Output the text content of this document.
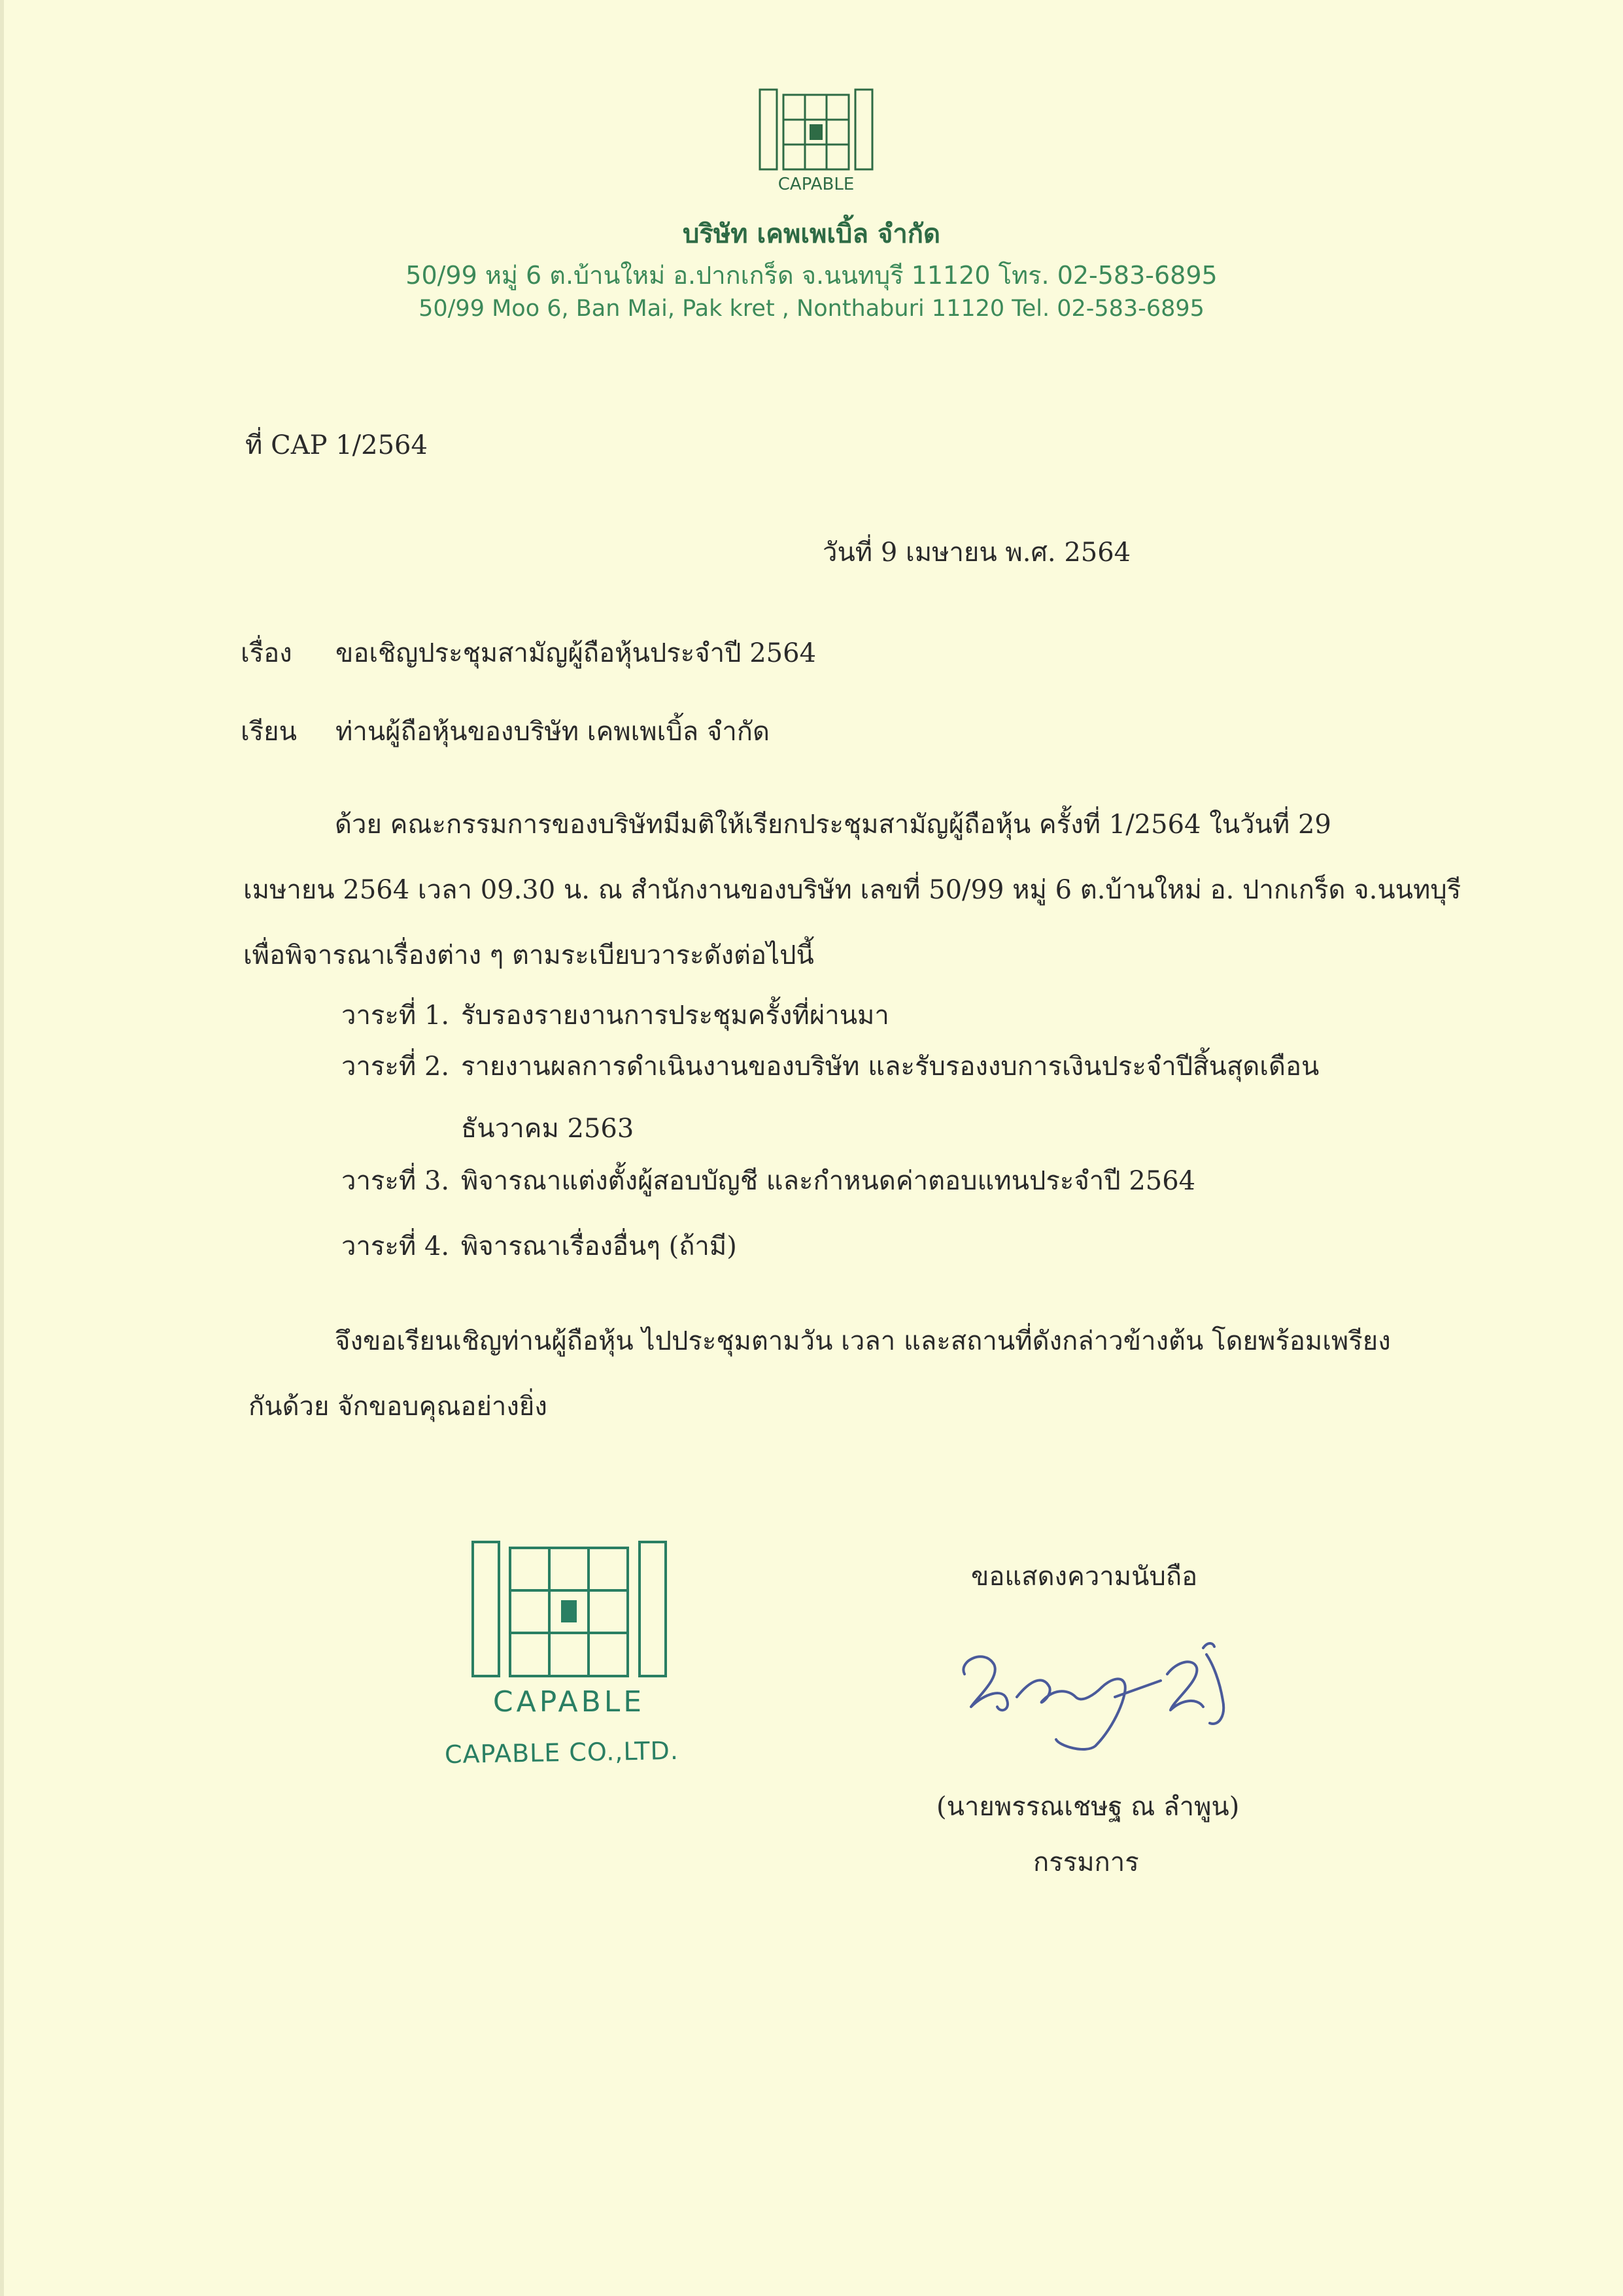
CAPABLE
บริษัท เคพเพเบิ้ล จำกัด
50/99 หมู่ 6 ต.บ้านใหม่ อ.ปากเกร็ด จ.นนทบุรี 11120 โทร. 02-583-6895
50/99 Moo 6, Ban Mai, Pak kret , Nonthaburi 11120 Tel. 02-583-6895
ที่ CAP 1/2564
วันที่ 9 เมษายน พ.ศ. 2564
เรื่อง ขอเชิญประชุมสามัญผู้ถือหุ้นประจำปี 2564
เรียน ท่านผู้ถือหุ้นของบริษัท เคพเพเบิ้ล จำกัด
ด้วย คณะกรรมการของบริษัทมีมติให้เรียกประชุมสามัญผู้ถือหุ้น ครั้งที่ 1/2564 ในวันที่ 29
เมษายน 2564 เวลา 09.30 น. ณ สำนักงานของบริษัท เลขที่ 50/99 หมู่ 6 ต.บ้านใหม่ อ. ปากเกร็ด จ.นนทบุรี
เพื่อพิจารณาเรื่องต่าง ๆ ตามระเบียบวาระดังต่อไปนี้
วาระที่ 1. รับรองรายงานการประชุมครั้งที่ผ่านมา
วาระที่ 2. รายงานผลการดำเนินงานของบริษัท และรับรองงบการเงินประจำปีสิ้นสุดเดือน
ธันวาคม 2563
วาระที่ 3. พิจารณาแต่งตั้งผู้สอบบัญชี และกำหนดค่าตอบแทนประจำปี 2564
วาระที่ 4. พิจารณาเรื่องอื่นๆ (ถ้ามี)
จึงขอเรียนเชิญท่านผู้ถือหุ้น ไปประชุมตามวัน เวลา และสถานที่ดังกล่าวข้างต้น โดยพร้อมเพรียง
กันด้วย จักขอบคุณอย่างยิ่ง
CAPABLE
CAPABLE CO.,LTD.
ขอแสดงความนับถือ
(นายพรรณเชษฐ ณ ลำพูน)
กรรมการ
